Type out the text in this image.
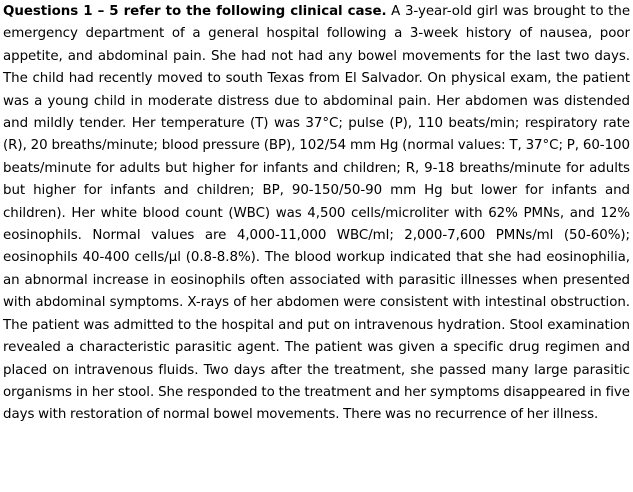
Questions 1 – 5 refer to the following clinical case. A 3-year-old girl was brought to the emergency department of a general hospital following a 3-week history of nausea, poor appetite, and abdominal pain. She had not had any bowel movements for the last two days. The child had recently moved to south Texas from El Salvador. On physical exam, the patient was a young child in moderate distress due to abdominal pain. Her abdomen was distended and mildly tender. Her temperature (T) was 37°C; pulse (P), 110 beats/min; respiratory rate (R), 20 breaths/minute; blood pressure (BP), 102/54 mm Hg (normal values: T, 37°C; P, 60-100 beats/minute for adults but higher for infants and children; R, 9-18 breaths/minute for adults but higher for infants and children; BP, 90-150/50-90 mm Hg but lower for infants and children). Her white blood count (WBC) was 4,500 cells/microliter with 62% PMNs, and 12% eosinophils. Normal values are 4,000-11,000 WBC/ml; 2,000-7,600 PMNs/ml (50-60%); eosinophils 40-400 cells/µl (0.8-8.8%). The blood workup indicated that she had eosinophilia, an abnormal increase in eosinophils often associated with parasitic illnesses when presented with abdominal symptoms. X-rays of her abdomen were consistent with intestinal obstruction. The patient was admitted to the hospital and put on intravenous hydration. Stool examination revealed a characteristic parasitic agent. The patient was given a specific drug regimen and placed on intravenous fluids. Two days after the treatment, she passed many large parasitic organisms in her stool. She responded to the treatment and her symptoms disappeared in five days with restoration of normal bowel movements. There was no recurrence of her illness.
